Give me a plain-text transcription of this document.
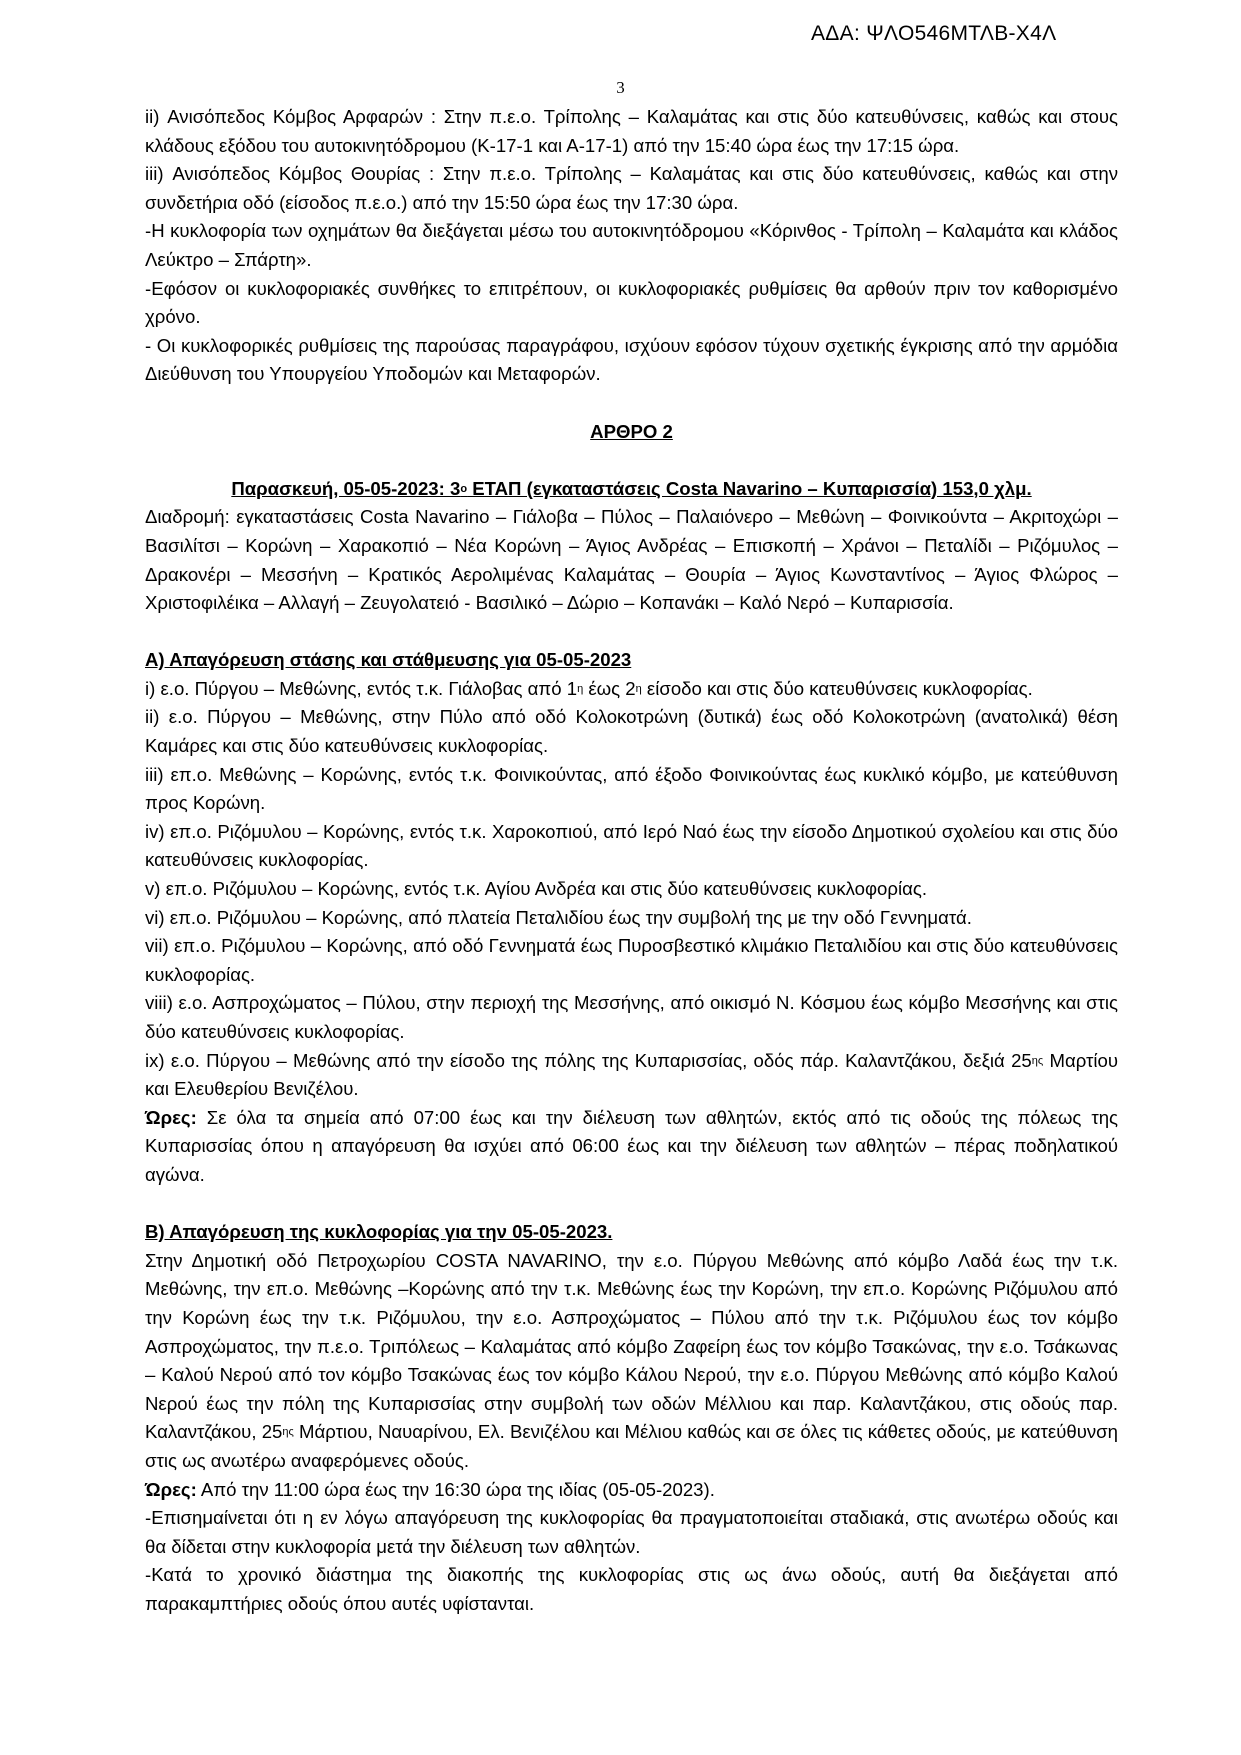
ΑΔΑ: ΨΛΟ546ΜΤΛΒ-Χ4Λ
3

ii) Ανισόπεδος Κόμβος Αρφαρών : Στην π.ε.ο. Τρίπολης – Καλαμάτας και στις δύο κατευθύνσεις, καθώς και στους κλάδους εξόδου του αυτοκινητόδρομου (Κ-17-1 και Α-17-1) από την 15:40 ώρα έως την 17:15 ώρα.

iii) Ανισόπεδος Κόμβος Θουρίας : Στην π.ε.ο. Τρίπολης – Καλαμάτας και στις δύο κατευθύνσεις, καθώς και στην συνδετήρια οδό (είσοδος π.ε.ο.) από την 15:50 ώρα έως την 17:30 ώρα.

-Η κυκλοφορία των οχημάτων θα διεξάγεται μέσω του αυτοκινητόδρομου «Κόρινθος - Τρίπολη – Καλαμάτα και κλάδος Λεύκτρο – Σπάρτη».

-Εφόσον οι κυκλοφοριακές συνθήκες το επιτρέπουν, οι κυκλοφοριακές ρυθμίσεις θα αρθούν πριν τον καθορισμένο χρόνο.

- Οι κυκλοφορικές ρυθμίσεις της παρούσας παραγράφου, ισχύουν εφόσον τύχουν σχετικής έγκρισης από την αρμόδια Διεύθυνση του Υπουργείου Υποδομών και Μεταφορών.

ΑΡΘΡΟ 2

Παρασκευή, 05-05-2023: $3^o$ ΕΤΑΠ (εγκαταστάσεις Costa Navarino – Κυπαρισσία) 153,0 χλμ.

Διαδρομή: εγκαταστάσεις Costa Navarino – Γιάλοβα – Πύλος – Παλαιόνερο – Μεθώνη – Φοινικούντα – Ακριτοχώρι – Βασιλίτσι – Κορώνη – Χαρακοπιό – Νέα Κορώνη – Άγιος Ανδρέας – Επισκοπή – Χράνοι – Πεταλίδι – Ριζόμυλος – Δρακονέρι – Μεσσήνη – Κρατικός Αερολιμένας Καλαμάτας – Θουρία – Άγιος Κωνσταντίνος – Άγιος Φλώρος – Χριστοφιλέικα – Αλλαγή – Ζευγολατειό - Βασιλικό – Δώριο – Κοπανάκι – Καλό Νερό – Κυπαρισσία.

Α) Απαγόρευση στάσης και στάθμευσης για 05-05-2023

i) ε.ο. Πύργου – Μεθώνης, εντός τ.κ. Γιάλοβας από $1^\eta$ έως $2^\eta$ είσοδο και στις δύο κατευθύνσεις κυκλοφορίας.

ii) ε.ο. Πύργου – Μεθώνης, στην Πύλο από οδό Κολοκοτρώνη (δυτικά) έως οδό Κολοκοτρώνη (ανατολικά) θέση Καμάρες και στις δύο κατευθύνσεις κυκλοφορίας.

iii) επ.ο. Μεθώνης – Κορώνης, εντός τ.κ. Φοινικούντας, από έξοδο Φοινικούντας έως κυκλικό κόμβο, με κατεύθυνση προς Κορώνη.

iv) επ.ο. Ριζόμυλου – Κορώνης, εντός τ.κ. Χαροκοπιού, από Ιερό Ναό έως την είσοδο Δημοτικού σχολείου και στις δύο κατευθύνσεις κυκλοφορίας.

v) επ.ο. Ριζόμυλου – Κορώνης, εντός τ.κ. Αγίου Ανδρέα και στις δύο κατευθύνσεις κυκλοφορίας.

vi) επ.ο. Ριζόμυλου – Κορώνης, από πλατεία Πεταλιδίου έως την συμβολή της με την οδό Γεννηματά.

vii) επ.ο. Ριζόμυλου – Κορώνης, από οδό Γεννηματά έως Πυροσβεστικό κλιμάκιο Πεταλιδίου και στις δύο κατευθύνσεις κυκλοφορίας.

viii) ε.ο. Ασπροχώματος – Πύλου, στην περιοχή της Μεσσήνης, από οικισμό Ν. Κόσμου έως κόμβο Μεσσήνης και στις δύο κατευθύνσεις κυκλοφορίας.

ix) ε.ο. Πύργου – Μεθώνης από την είσοδο της πόλης της Κυπαρισσίας, οδός πάρ. Καλαντζάκου, δεξιά $25^{\eta\varsigma}$ Μαρτίου και Ελευθερίου Βενιζέλου.

Ώρες: Σε όλα τα σημεία από 07:00 έως και την διέλευση των αθλητών, εκτός από τις οδούς της πόλεως της Κυπαρισσίας όπου η απαγόρευση θα ισχύει από 06:00 έως και την διέλευση των αθλητών – πέρας ποδηλατικού αγώνα.

Β) Απαγόρευση της κυκλοφορίας για την 05-05-2023.

Στην Δημοτική οδό Πετροχωρίου COSTA NAVARINO, την ε.ο. Πύργου Μεθώνης από κόμβο Λαδά έως την τ.κ. Μεθώνης, την επ.ο. Μεθώνης –Κορώνης από την τ.κ. Μεθώνης έως την Κορώνη, την επ.ο. Κορώνης Ριζόμυλου από την Κορώνη έως την τ.κ. Ριζόμυλου, την ε.ο. Ασπροχώματος – Πύλου από την τ.κ. Ριζόμυλου έως τον κόμβο Ασπροχώματος, την π.ε.ο. Τριπόλεως – Καλαμάτας από κόμβο Ζαφείρη έως τον κόμβο Τσακώνας, την ε.ο. Τσάκωνας – Καλού Νερού από τον κόμβο Τσακώνας έως τον κόμβο Κάλου Νερού, την ε.ο. Πύργου Μεθώνης από κόμβο Καλού Νερού έως την πόλη της Κυπαρισσίας στην συμβολή των οδών Μέλλιου και παρ. Καλαντζάκου, στις οδούς παρ. Καλαντζάκου, $25^{\eta\varsigma}$ Μάρτιου, Ναυαρίνου, Ελ. Βενιζέλου και Μέλιου καθώς και σε όλες τις κάθετες οδούς, με κατεύθυνση στις ως ανωτέρω αναφερόμενες οδούς.

Ώρες: Από την 11:00 ώρα έως την 16:30 ώρα της ιδίας (05-05-2023).

-Επισημαίνεται ότι η εν λόγω απαγόρευση της κυκλοφορίας θα πραγματοποιείται σταδιακά, στις ανωτέρω οδούς και θα δίδεται στην κυκλοφορία μετά την διέλευση των αθλητών.

-Κατά το χρονικό διάστημα της διακοπής της κυκλοφορίας στις ως άνω οδούς, αυτή θα διεξάγεται από παρακαμπτήριες οδούς όπου αυτές υφίστανται.
